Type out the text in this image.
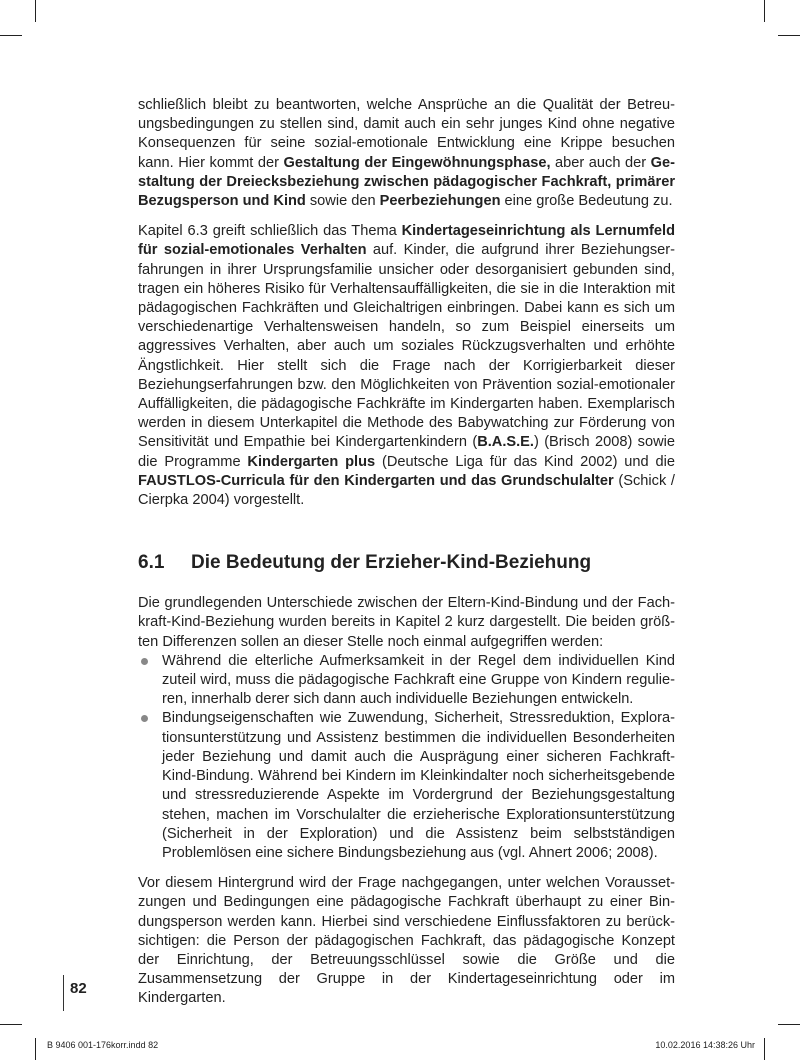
schließlich bleibt zu beantworten, welche Ansprüche an die Qualität der Betreuungsbedingungen zu stellen sind, damit auch ein sehr junges Kind ohne negative Konsequenzen für seine sozial-emotionale Entwicklung eine Krippe besuchen kann. Hier kommt der Gestaltung der Eingewöhnungsphase, aber auch der Gestaltung der Dreiecksbeziehung zwischen pädagogischer Fachkraft, primärer Bezugsperson und Kind sowie den Peerbeziehungen eine große Bedeutung zu.

Kapitel 6.3 greift schließlich das Thema Kindertageseinrichtung als Lernumfeld für sozial-emotionales Verhalten auf. Kinder, die aufgrund ihrer Beziehungserfahrungen in ihrer Ursprungsfamilie unsicher oder desorganisiert gebunden sind, tragen ein höheres Risiko für Verhaltensauffälligkeiten, die sie in die Interaktion mit pädagogischen Fachkräften und Gleichaltrigen einbringen. Dabei kann es sich um verschiedenartige Verhaltensweisen handeln, so zum Beispiel einerseits um aggressives Verhalten, aber auch um soziales Rückzugsverhalten und erhöhte Ängstlichkeit. Hier stellt sich die Frage nach der Korrigierbarkeit dieser Beziehungserfahrungen bzw. den Möglichkeiten von Prävention sozial-emotionaler Auffälligkeiten, die pädagogische Fachkräfte im Kindergarten haben. Exemplarisch werden in diesem Unterkapitel die Methode des Babywatching zur Förderung von Sensitivität und Empathie bei Kindergartenkindern (B.A.S.E.) (Brisch 2008) sowie die Programme Kindergarten plus (Deutsche Liga für das Kind 2002) und die FAUSTLOS-Curricula für den Kindergarten und das Grundschulalter (Schick / Cierpka 2004) vorgestellt.

6.1	Die Bedeutung der Erzieher-Kind-Beziehung

Die grundlegenden Unterschiede zwischen der Eltern-Kind-Bindung und der Fachkraft-Kind-Beziehung wurden bereits in Kapitel 2 kurz dargestellt. Die beiden größten Differenzen sollen an dieser Stelle noch einmal aufgegriffen werden:

Während die elterliche Aufmerksamkeit in der Regel dem individuellen Kind zuteil wird, muss die pädagogische Fachkraft eine Gruppe von Kindern regulieren, innerhalb derer sich dann auch individuelle Beziehungen entwickeln.
Bindungseigenschaften wie Zuwendung, Sicherheit, Stressreduktion, Explorationsunterstützung und Assistenz bestimmen die individuellen Besonderheiten jeder Beziehung und damit auch die Ausprägung einer sicheren Fachkraft-Kind-Bindung. Während bei Kindern im Kleinkindalter noch sicherheitsgebende und stressreduzierende Aspekte im Vordergrund der Beziehungsgestaltung stehen, machen im Vorschulalter die erzieherische Explorationsunterstützung (Sicherheit in der Exploration) und die Assistenz beim selbstständigen Problemlösen eine sichere Bindungsbeziehung aus (vgl. Ahnert 2006; 2008).

Vor diesem Hintergrund wird der Frage nachgegangen, unter welchen Voraussetzungen und Bedingungen eine pädagogische Fachkraft überhaupt zu einer Bindungsperson werden kann. Hierbei sind verschiedene Einflussfaktoren zu berücksichtigen: die Person der pädagogischen Fachkraft, das pädagogische Konzept der Einrichtung, der Betreuungsschlüssel sowie die Größe und die Zusammensetzung der Gruppe in der Kindertageseinrichtung oder im Kindergarten.

82
B 9406 001-176korr.indd 82	10.02.2016 14:38:26 Uhr
